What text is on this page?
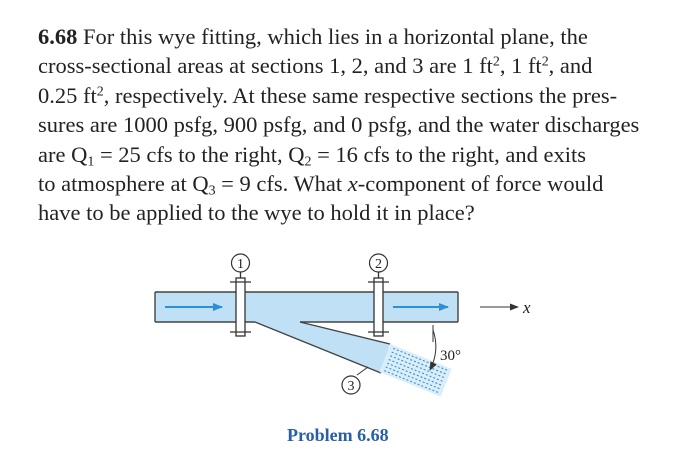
6.68 For this wye fitting, which lies in a horizontal plane, the
cross-sectional areas at sections 1, 2, and 3 are 1 $ft^2$, 1 $ft^2$, and
0.25 $ft^2$, respectively. At these same respective sections the pres-
sures are 1000 psfg, 900 psfg, and 0 psfg, and the water discharges
are $Q_1 = 25$ cfs to the right, $Q_2 = 16$ cfs to the right, and exits
to atmosphere at $Q_3 = 9$ cfs. What x-component of force would
have to be applied to the wye to hold it in place?

1	2
3
30°
x
Problem 6.68
